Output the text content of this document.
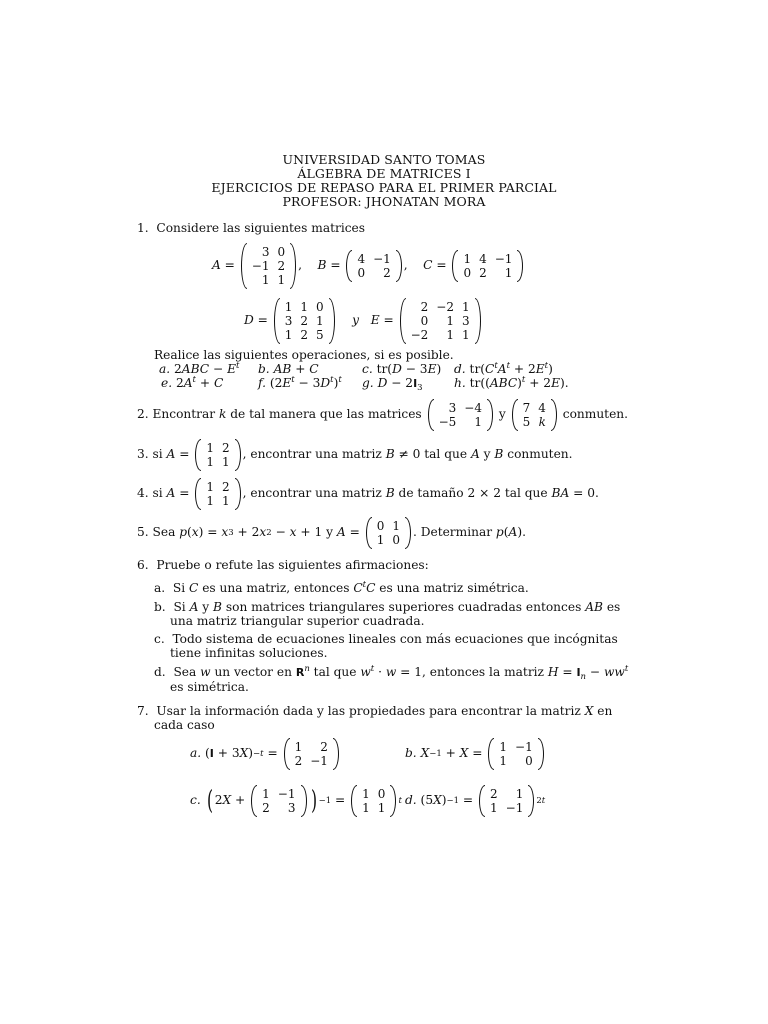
UNIVERSIDAD SANTO TOMAS
ÁLGEBRA DE MATRICES I
EJERCICIOS DE REPASO PARA EL PRIMER PARCIAL
PROFESOR: JHONATAN MORA
1. Considere las siguientes matrices
A =
3	0
−1	2
1	1
, B = 4	−1
0	2
, C = 1	4	−1
0	2	1
D =
1	1	0
3	2	1
1	2	5

y
E =
2	−2	1
0	1	3
−2	1	1
Realice las siguientes operaciones, si es posible.
a. $2ABC - E^t$ b. AB + C	c. tr(D − 3E) d. $tr(C^tA^t + 2E^t)$
e. $2A^t + C$	f. $(2E^t - 3D^t)^t$ g. $D - 2I_3$	h. tr((ABC)$^t$ + 2E).
2.
Encontrar
k
de tal manera que las matrices
3	−4
−5	1

y
7	4
5	k

conmuten.
3.
si
A = 1	2
1	1
, encontrar una matriz
B ≠ 0 tal que
A
y
B
conmuten.
4.
si
A = 1	2
1	1
, encontrar una matriz
B
de tamaño 2 × 2 tal que
BA = 0 .
5.
Sea
p ( x ) = x 3 + 2 x 2 − x + 1 y
A = 0	1
1	0
. Determinar
p ( A ) .
6. Pruebe o refute las siguientes afirmaciones:
a. Si C es una matriz, entonces $C^tC$ es una matriz simétrica.
b. Si A y B son matrices triangulares superiores cuadradas entonces AB es
una matriz triangular superior cuadrada.
c. Todo sistema de ecuaciones lineales con más ecuaciones que incógnitas
tiene infinitas soluciones.
d. Sea w un vector en $R^n$ tal que $w^t \cdot w = 1$, entonces la matriz $H = I_n - ww^t$
es simétrica.
7. Usar la información dada y las propiedades para encontrar la matriz X en
cada caso
a. ( I + 3 X ) −t = 1	2
2	−1
b.
X −1 + X = 1	−1
1	0
c.
( 2 X + 1	−1
2	3 ) −1 = 1	0
1	1 t d. (5 X ) −1 = 2	1
1	−1 2t
